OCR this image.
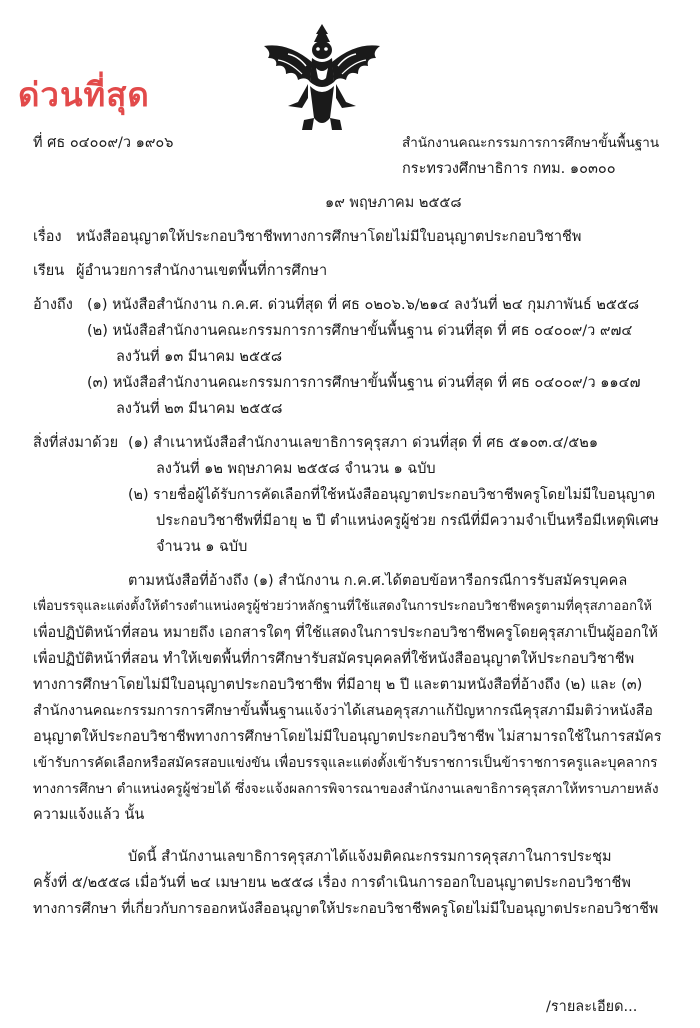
ด่วนที่สุด
ที่ ศธ ๐๔๐๐๙/ว ๑๙๐๖	สำนักงานคณะกรรมการการศึกษาขั้นพื้นฐาน
กระทรวงศึกษาธิการ กทม. ๑๐๓๐๐
๑๙ พฤษภาคม ๒๕๕๘
เรื่อง หนังสืออนุญาตให้ประกอบวิชาชีพทางการศึกษาโดยไม่มีใบอนุญาตประกอบวิชาชีพ
เรียน ผู้อำนวยการสำนักงานเขตพื้นที่การศึกษา
อ้างถึง (๑) หนังสือสำนักงาน ก.ค.ศ. ด่วนที่สุด ที่ ศธ ๐๒๐๖.๖/๒๑๔ ลงวันที่ ๒๔ กุมภาพันธ์ ๒๕๕๘
(๒) หนังสือสำนักงานคณะกรรมการการศึกษาขั้นพื้นฐาน ด่วนที่สุด ที่ ศธ ๐๔๐๐๙/ว ๙๗๔
ลงวันที่ ๑๓ มีนาคม ๒๕๕๘
(๓) หนังสือสำนักงานคณะกรรมการการศึกษาขั้นพื้นฐาน ด่วนที่สุด ที่ ศธ ๐๔๐๐๙/ว ๑๑๔๗
ลงวันที่ ๒๓ มีนาคม ๒๕๕๘
สิ่งที่ส่งมาด้วย (๑) สำเนาหนังสือสำนักงานเลขาธิการคุรุสภา ด่วนที่สุด ที่ ศธ ๕๑๐๓.๔/๕๒๑
ลงวันที่ ๑๒ พฤษภาคม ๒๕๕๘ จำนวน ๑ ฉบับ
(๒) รายชื่อผู้ได้รับการคัดเลือกที่ใช้หนังสืออนุญาตประกอบวิชาชีพครูโดยไม่มีใบอนุญาต
ประกอบวิชาชีพที่มีอายุ ๒ ปี ตำแหน่งครูผู้ช่วย กรณีที่มีความจำเป็นหรือมีเหตุพิเศษ
จำนวน ๑ ฉบับ
ตามหนังสือที่อ้างถึง (๑) สำนักงาน ก.ค.ศ.ได้ตอบข้อหารือกรณีการรับสมัครบุคคล
เพื่อบรรจุและแต่งตั้งให้ดำรงตำแหน่งครูผู้ช่วยว่าหลักฐานที่ใช้แสดงในการประกอบวิชาชีพครูตามที่คุรุสภาออกให้
เพื่อปฏิบัติหน้าที่สอน หมายถึง เอกสารใดๆ ที่ใช้แสดงในการประกอบวิชาชีพครูโดยคุรุสภาเป็นผู้ออกให้
เพื่อปฏิบัติหน้าที่สอน ทำให้เขตพื้นที่การศึกษารับสมัครบุคคลที่ใช้หนังสืออนุญาตให้ประกอบวิชาชีพ
ทางการศึกษาโดยไม่มีใบอนุญาตประกอบวิชาชีพ ที่มีอายุ ๒ ปี และตามหนังสือที่อ้างถึง (๒) และ (๓)
สำนักงานคณะกรรมการการศึกษาขั้นพื้นฐานแจ้งว่าได้เสนอคุรุสภาแก้ปัญหากรณีคุรุสภามีมติว่าหนังสือ
อนุญาตให้ประกอบวิชาชีพทางการศึกษาโดยไม่มีใบอนุญาตประกอบวิชาชีพ ไม่สามารถใช้ในการสมัคร
เข้ารับการคัดเลือกหรือสมัครสอบแข่งขัน เพื่อบรรจุและแต่งตั้งเข้ารับราชการเป็นข้าราชการครูและบุคลากร
ทางการศึกษา ตำแหน่งครูผู้ช่วยได้ ซึ่งจะแจ้งผลการพิจารณาของสำนักงานเลขาธิการคุรุสภาให้ทราบภายหลัง
ความแจ้งแล้ว นั้น
บัดนี้ สำนักงานเลขาธิการคุรุสภาได้แจ้งมติคณะกรรมการคุรุสภาในการประชุม
ครั้งที่ ๕/๒๕๕๘ เมื่อวันที่ ๒๔ เมษายน ๒๕๕๘ เรื่อง การดำเนินการออกใบอนุญาตประกอบวิชาชีพ
ทางการศึกษา ที่เกี่ยวกับการออกหนังสืออนุญาตให้ประกอบวิชาชีพครูโดยไม่มีใบอนุญาตประกอบวิชาชีพ
/รายละเอียด...
